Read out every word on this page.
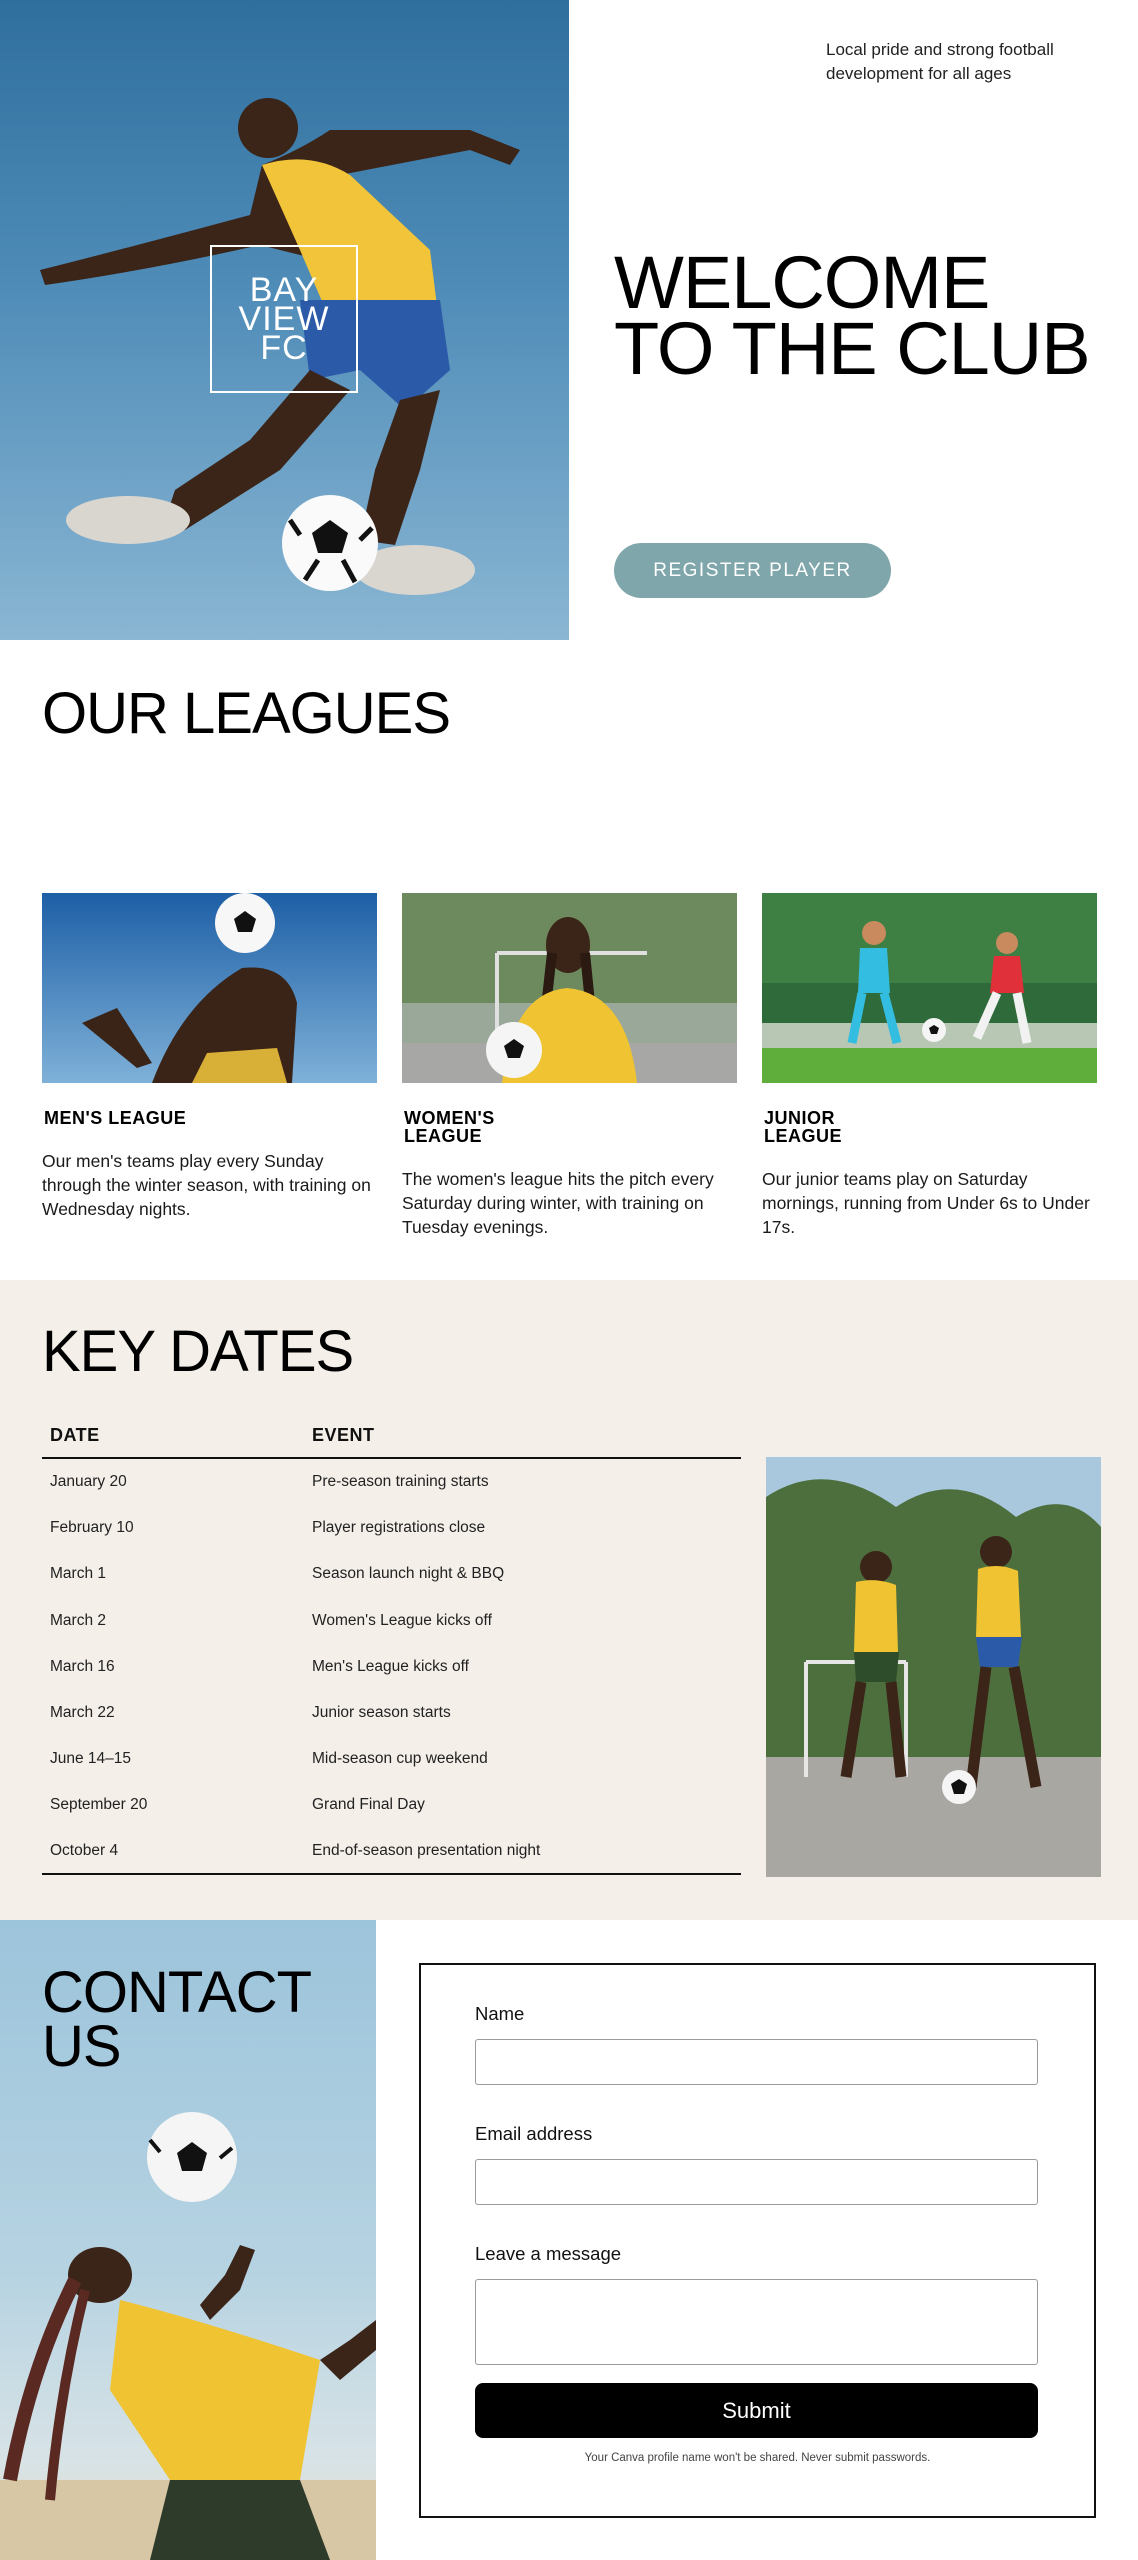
BAY
VIEW
FC

Local pride and strong football development for all ages

WELCOME
TO THE CLUB
REGISTER PLAYER
OUR LEAGUES
MEN'S LEAGUE

Our men's teams play every Sunday through the winter season, with training on Wednesday nights.

WOMEN'S LEAGUE

The women's league hits the pitch every Saturday during winter, with training on Tuesday evenings.

JUNIOR LEAGUE

Our junior teams play on Saturday mornings, running from Under 6s to Under 17s.

KEY DATES
DATE	EVENT
January 20	Pre-season training starts
February 10	Player registrations close
March 1	Season launch night & BBQ
March 2	Women's League kicks off
March 16	Men's League kicks off
March 22	Junior season starts
June 14–15	Mid-season cup weekend
September 20	Grand Final Day
October 4	End-of-season presentation night
CONTACT
US
Name
Email address
Leave a message
Submit

Your Canva profile name won't be shared. Never submit passwords.
